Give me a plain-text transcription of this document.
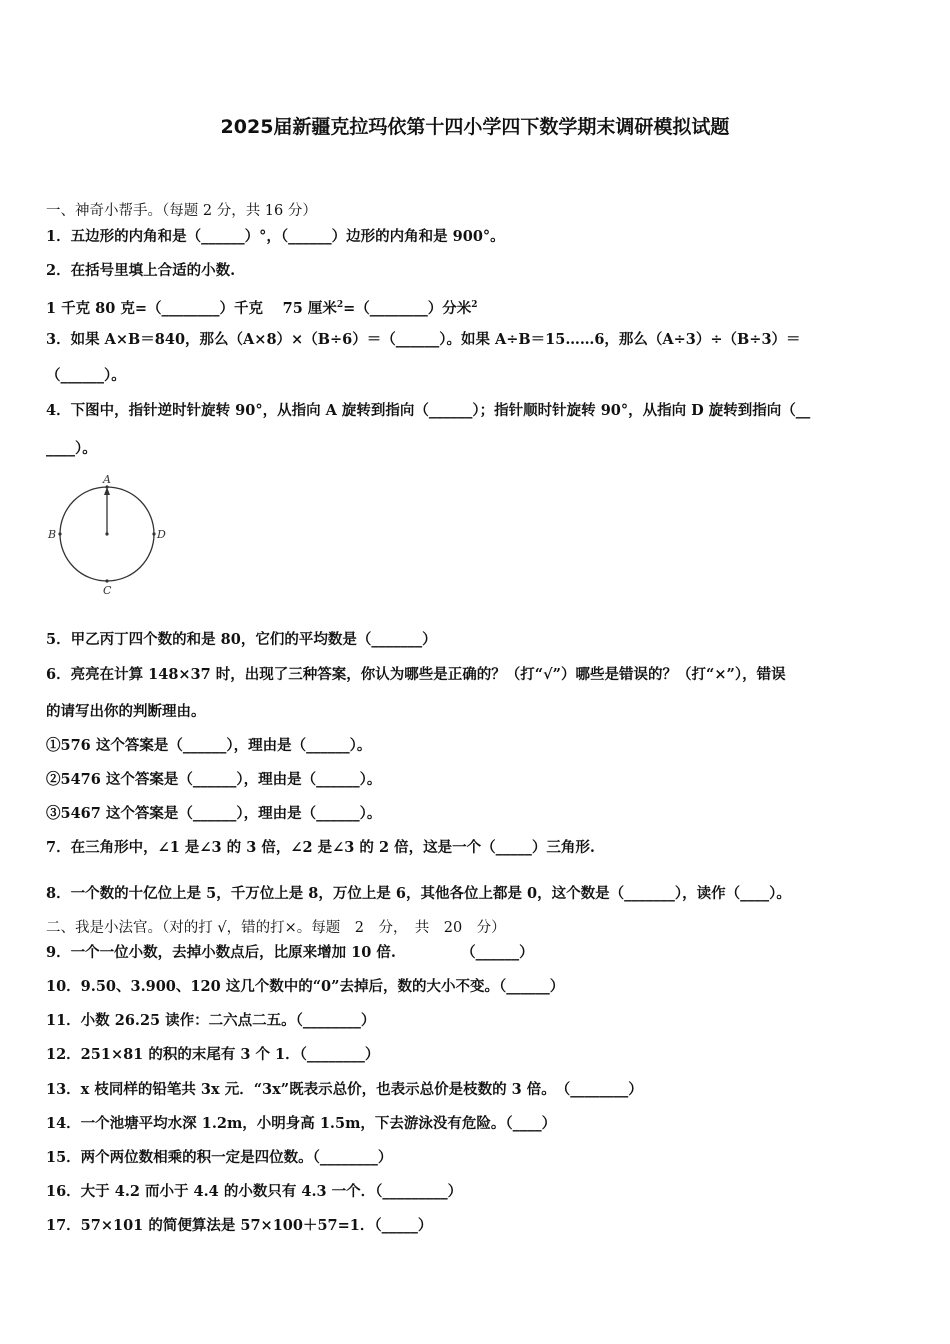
2025届新疆克拉玛依第十四小学四下数学期末调研模拟试题
一、神奇小帮手。（每题 2 分，共 16 分）
1．五边形的内角和是（______）°，（______）边形的内角和是 900°。
2．在括号里填上合适的小数.
1 千克 80 克=（________）千克　 75 厘米$^2$=（________）分米$^2$
3．如果 A×B＝840，那么（A×8）×（B÷6）＝（______）。如果 A÷B＝15……6，那么（A÷3）÷（B÷3）＝
（______）。
4．下图中，指针逆时针旋转 90°，从指向 A 旋转到指向（______）；指针顺时针旋转 90°，从指向 D 旋转到指向（__
____）。
A
B
C
D
5．甲乙丙丁四个数的和是 80，它们的平均数是（_______）
6．亮亮在计算 148×37 时，出现了三种答案，你认为哪些是正确的？（打“√”）哪些是错误的？（打“×”），错误
的请写出你的判断理由。
①576 这个答案是（______），理由是（______）。
②5476 这个答案是（______），理由是（______）。
③5467 这个答案是（______），理由是（______）。
7．在三角形中，∠1 是∠3 的 3 倍，∠2 是∠3 的 2 倍，这是一个（_____）三角形.
8．一个数的十亿位上是 5，千万位上是 8，万位上是 6，其他各位上都是 0，这个数是（_______），读作（____）。
二、我是小法官。（对的打 √，错的打×。每题　2　分，　共　20　分）
9．一个一位小数，去掉小数点后，比原来增加 10 倍.　　　　　（______）
10．9.50、3.900、120 这几个数中的“0”去掉后，数的大小不变。（______）
11．小数 26.25 读作：二六点二五。（________）
12．251×81 的积的末尾有 3 个 1．（________）
13．x 枝同样的铅笔共 3x 元．“3x”既表示总价，也表示总价是枝数的 3 倍。　（________）
14．一个池塘平均水深 1.2m，小明身高 1.5m，下去游泳没有危险。（____）
15．两个两位数相乘的积一定是四位数。（________）
16．大于 4.2 而小于 4.4 的小数只有 4.3 一个．（_________）
17．57×101 的简便算法是 57×100＋57=1．（_____）
